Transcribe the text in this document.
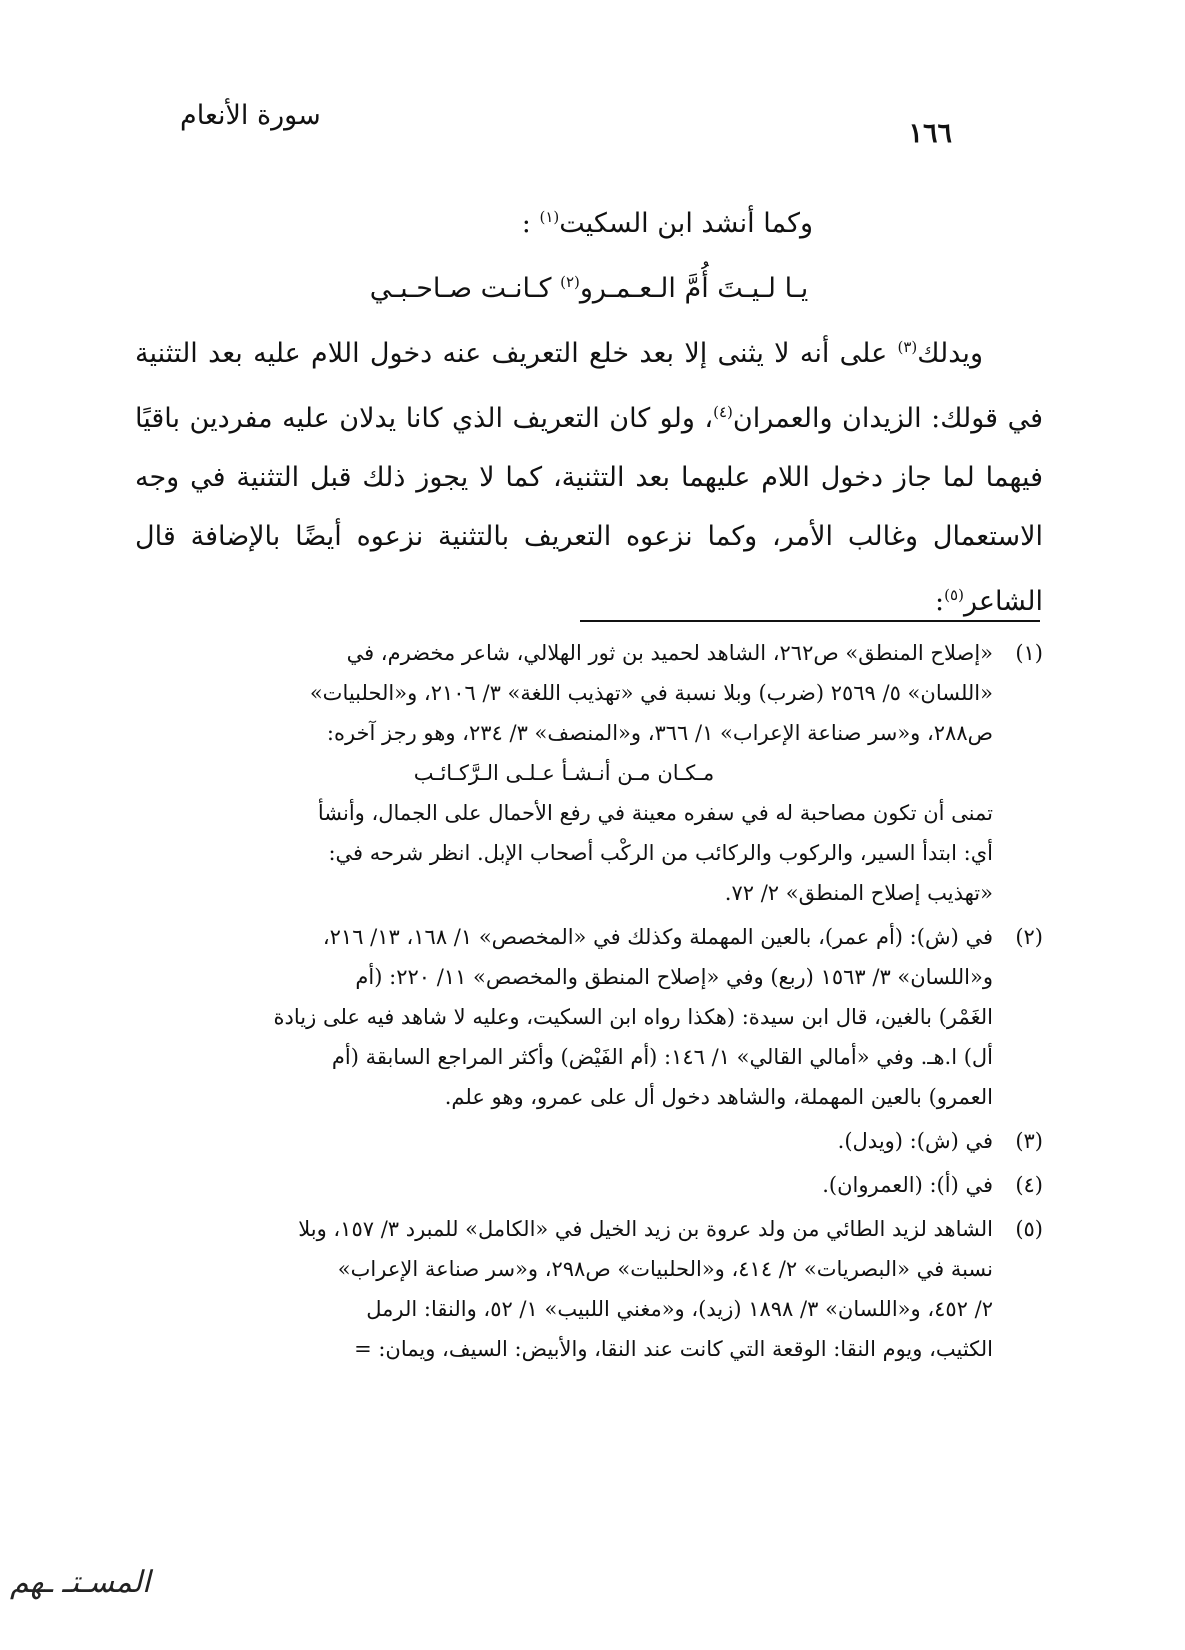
سورة الأنعام
١٦٦

وكما أنشد ابن السكيت$^{(١)}$ :

يـا لـيـتَ أُمَّ الـعـمـرو$^{(٢)}$ كـانـت صـاحـبـي

ويدلك$^{(٣)}$ على أنه لا يثنى إلا بعد خلع التعريف عنه دخول اللام عليه بعد التثنية في قولك: الزيدان والعمران$^{(٤)}$، ولو كان التعريف الذي كانا يدلان عليه مفردين باقيًا فيهما لما جاز دخول اللام عليهما بعد التثنية، كما لا يجوز ذلك قبل التثنية في وجه الاستعمال وغالب الأمر، وكما نزعوه التعريف بالتثنية نزعوه أيضًا بالإضافة قال الشاعر$^{(٥)}$:

(١)
«إصلاح المنطق» ص٢٦٢، الشاهد لحميد بن ثور الهلالي، شاعر مخضرم، في
«اللسان» ٥/ ٢٥٦٩ (ضرب) وبلا نسبة في «تهذيب اللغة» ٣/ ٢١٠٦، و«الحلبيات»
ص٢٨٨، و«سر صناعة الإعراب» ١/ ٣٦٦، و«المنصف» ٣/ ٢٣٤، وهو رجز آخره:
مـكـان مـن أنـشـأ عـلـى الـرَّكـائـب
تمنى أن تكون مصاحبة له في سفره معينة في رفع الأحمال على الجمال، وأنشأ
أي: ابتدأ السير، والركوب والركائب من الركْب أصحاب الإبل. انظر شرحه في:
«تهذيب إصلاح المنطق» ٢/ ٧٢.
(٢)
في (ش): (أم عمر)، بالعين المهملة وكذلك في «المخصص» ١/ ١٦٨، ١٣/ ٢١٦،
و«اللسان» ٣/ ١٥٦٣ (ربع) وفي «إصلاح المنطق والمخصص» ١١/ ٢٢٠: (أم
الغَمْر) بالغين، قال ابن سيدة: (هكذا رواه ابن السكيت، وعليه لا شاهد فيه على زيادة
أل) ا.هـ. وفي «أمالي القالي» ١/ ١٤٦: (أم الفَيْض) وأكثر المراجع السابقة (أم
العمرو) بالعين المهملة، والشاهد دخول أل على عمرو، وهو علم.
(٣)
في (ش): (ويدل).
(٤)
في (أ): (العمروان).
(٥)
الشاهد لزيد الطائي من ولد عروة بن زيد الخيل في «الكامل» للمبرد ٣/ ١٥٧، وبلا
نسبة في «البصريات» ٢/ ٤١٤، و«الحلبيات» ص٢٩٨، و«سر صناعة الإعراب»
٢/ ٤٥٢، و«اللسان» ٣/ ١٨٩٨ (زيد)، و«مغني اللبيب» ١/ ٥٢، والنقا: الرمل
الكثيب، ويوم النقا: الوقعة التي كانت عند النقا، والأبيض: السيف، ويمان: =
المسـتـ ـهم
